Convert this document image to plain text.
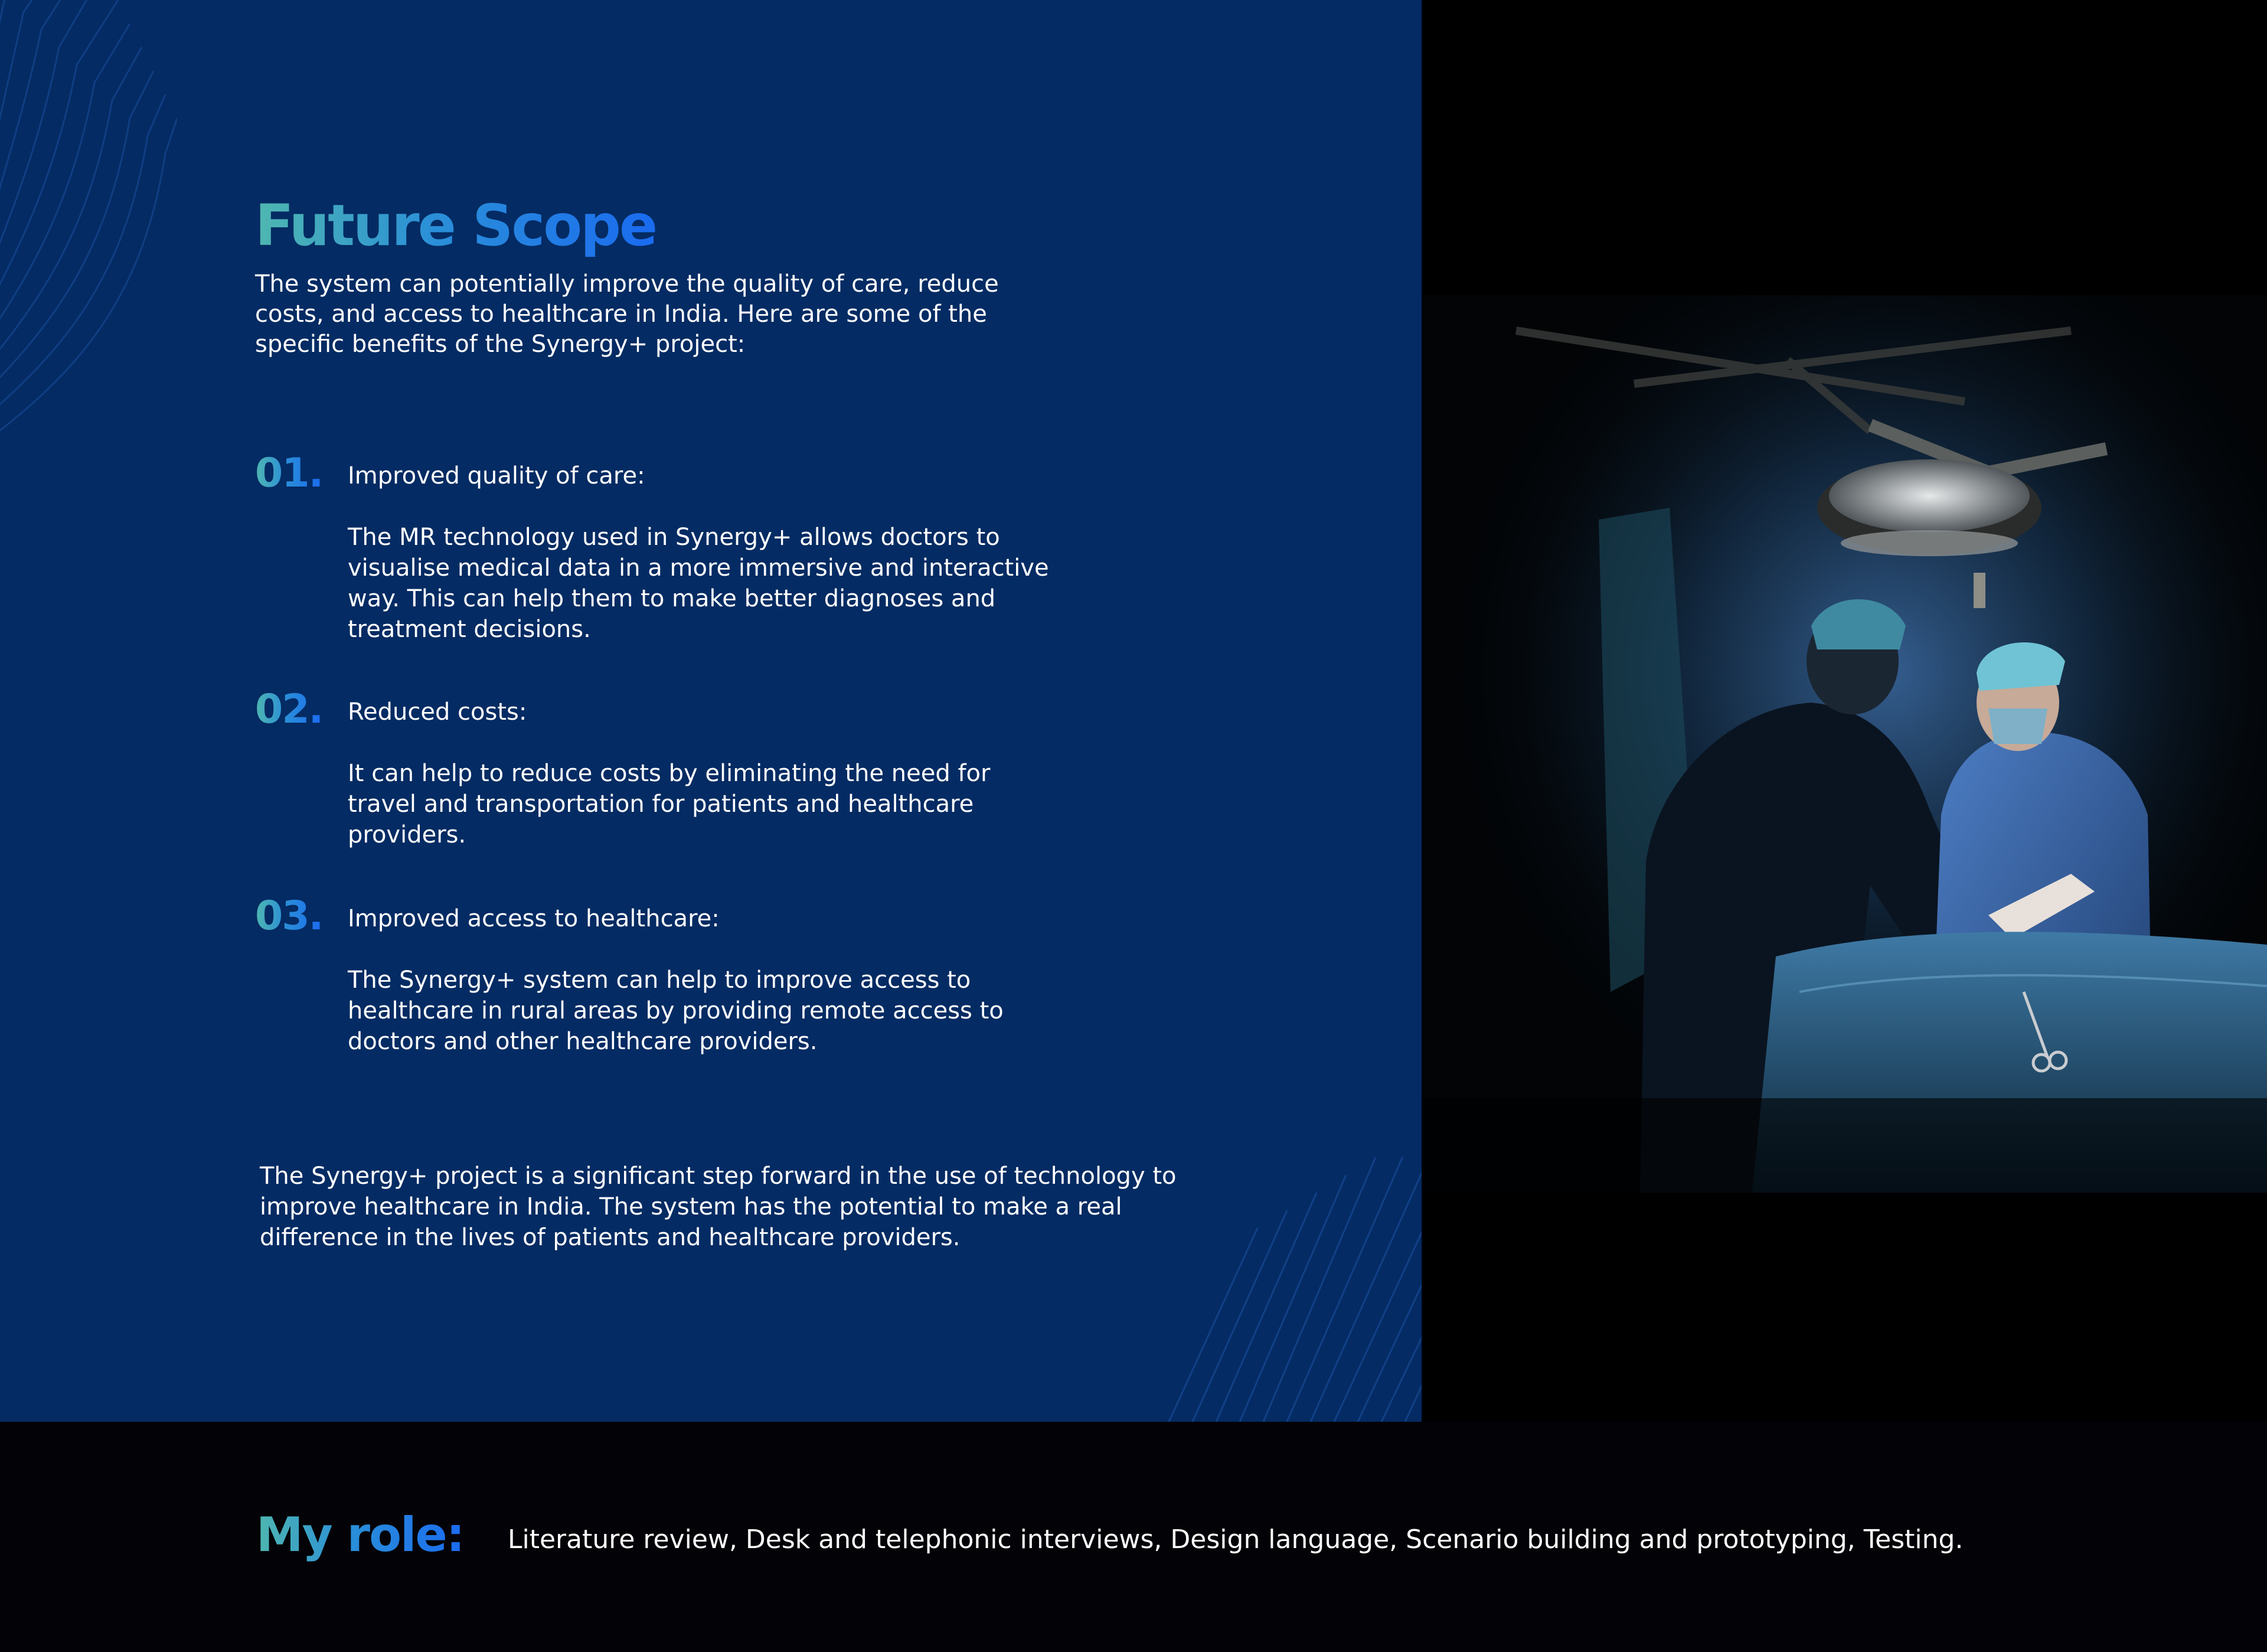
Future Scope

The system can potentially improve the quality of care, reduce costs, and access to healthcare in India. Here are some of the specific benefits of the Synergy+ project:

01. Improved quality of care:

The MR technology used in Synergy+ allows doctors to visualise medical data in a more immersive and interactive way. This can help them to make better diagnoses and treatment decisions.

02. Reduced costs:

It can help to reduce costs by eliminating the need for travel and transportation for patients and healthcare providers.

03. Improved access to healthcare:

The Synergy+ system can help to improve access to healthcare in rural areas by providing remote access to doctors and other healthcare providers.

The Synergy+ project is a significant step forward in the use of technology to improve healthcare in India. The system has the potential to make a real difference in the lives of patients and healthcare providers.

My role: Literature review, Desk and telephonic interviews, Design language, Scenario building and prototyping, Testing.
